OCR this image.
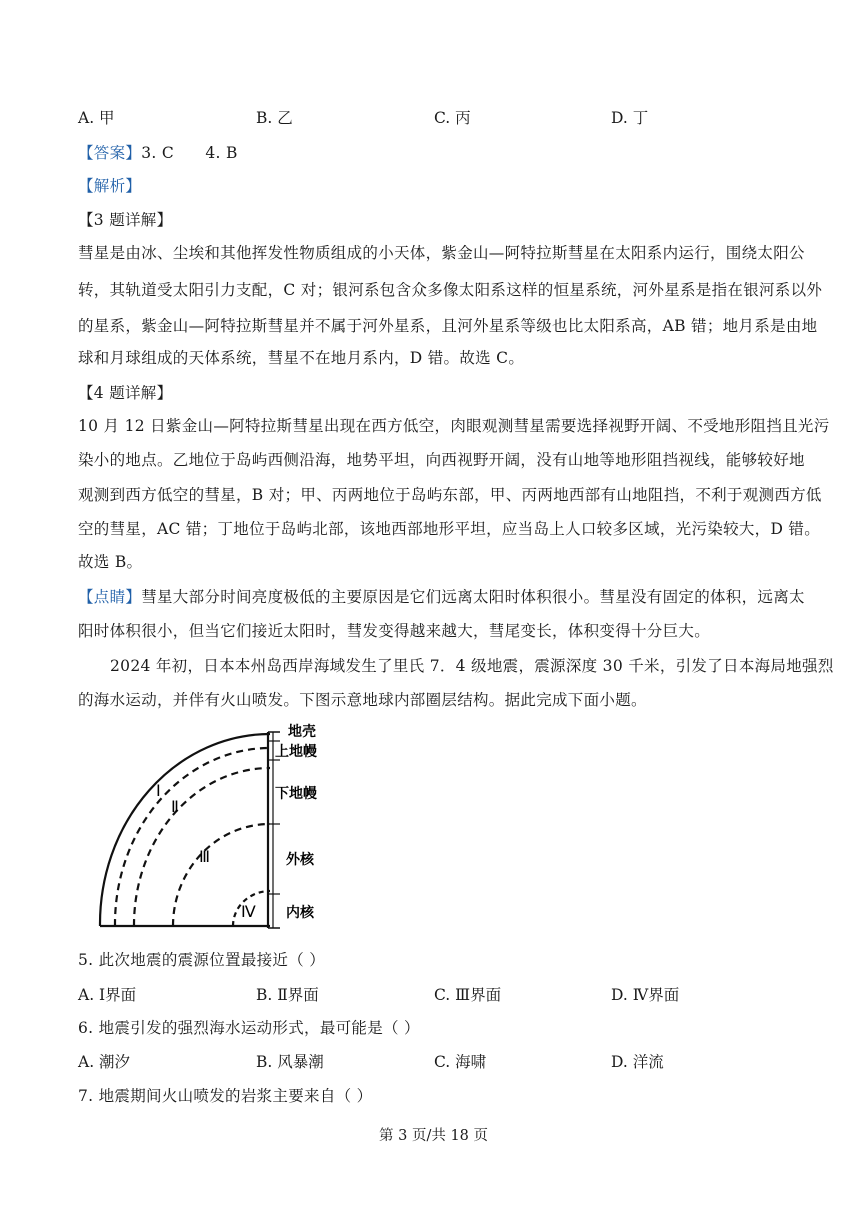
A. 甲	B. 乙	C. 丙	D. 丁
【答案】3. C      4. B
【解析】
【3 题详解】
彗星是由冰、尘埃和其他挥发性物质组成的小天体，紫金山—阿特拉斯彗星在太阳系内运行，围绕太阳公
转，其轨道受太阳引力支配，C 对；银河系包含众多像太阳系这样的恒星系统，河外星系是指在银河系以外
的星系，紫金山—阿特拉斯彗星并不属于河外星系，且河外星系等级也比太阳系高，AB 错；地月系是由地
球和月球组成的天体系统，彗星不在地月系内，D 错。故选 C。
【4 题详解】
10 月 12 日紫金山—阿特拉斯彗星出现在西方低空，肉眼观测彗星需要选择视野开阔、不受地形阻挡且光污
染小的地点。乙地位于岛屿西侧沿海，地势平坦，向西视野开阔，没有山地等地形阻挡视线，能够较好地
观测到西方低空的彗星，B 对；甲、丙两地位于岛屿东部，甲、丙两地西部有山地阻挡，不利于观测西方低
空的彗星，AC 错；丁地位于岛屿北部，该地西部地形平坦，应当岛上人口较多区域，光污染较大，D 错。
故选 B。
【点睛】彗星大部分时间亮度极低的主要原因是它们远离太阳时体积很小。彗星没有固定的体积，远离太
阳时体积很小，但当它们接近太阳时，彗发变得越来越大，彗尾变长，体积变得十分巨大。
2024 年初，日本本州岛西岸海域发生了里氏 7．4 级地震，震源深度 30 千米，引发了日本海局地强烈
的海水运动，并伴有火山喷发。下图示意地球内部圈层结构。据此完成下面小题。
Ⅰ
Ⅱ
Ⅲ
Ⅳ
地壳
上地幔
下地幔
外核
内核
5. 此次地震的震源位置最接近（ ）
A. Ⅰ界面	B. Ⅱ界面	C. Ⅲ界面	D. Ⅳ界面
6. 地震引发的强烈海水运动形式，最可能是（ ）
A. 潮汐	B. 风暴潮	C. 海啸	D. 洋流
7. 地震期间火山喷发的岩浆主要来自（ ）
第 3 页/共 18 页
